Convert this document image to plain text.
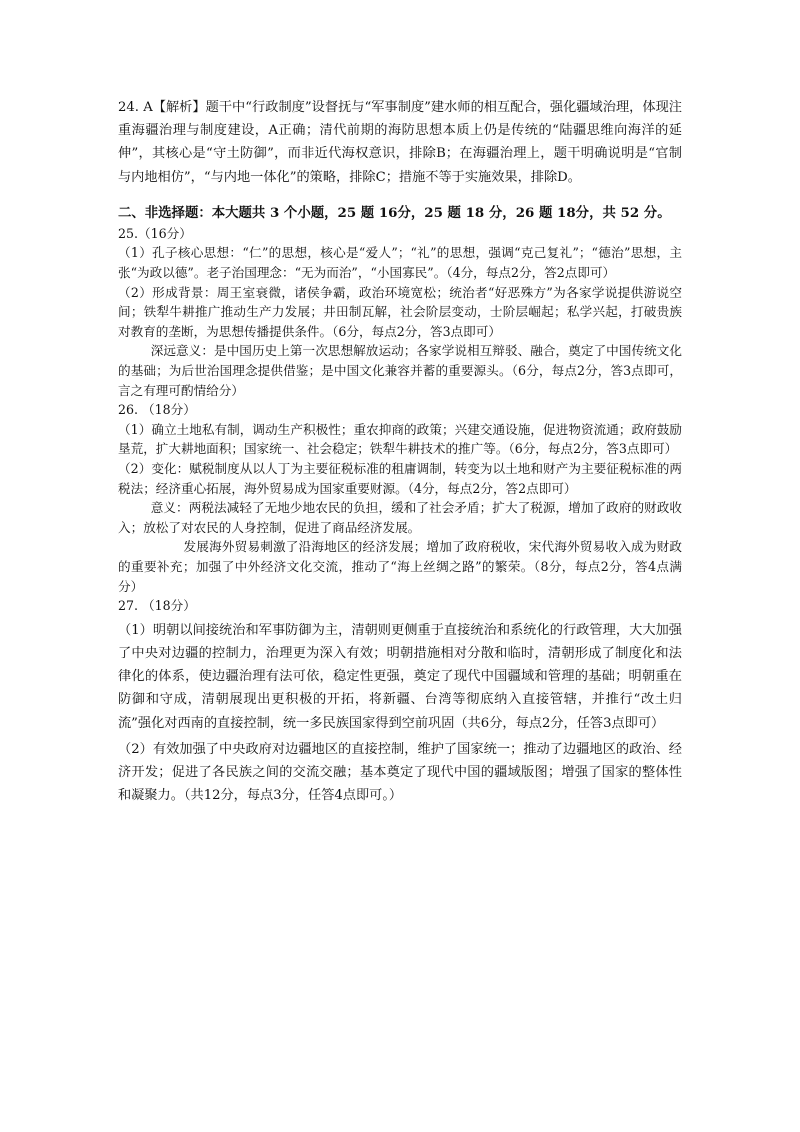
24. A【解析】题干中“行政制度”设督抚与“军事制度”建水师的相互配合，强化疆域治理，体现注重海疆治理与制度建设，A正确；清代前期的海防思想本质上仍是传统的“陆疆思维向海洋的延伸”，其核心是“守土防御”，而非近代海权意识，排除B；在海疆治理上，题干明确说明是“官制与内地相仿”，“与内地一体化”的策略，排除C；措施不等于实施效果，排除D。

二、非选择题：本大题共 3 个小题，25 题 16分，25 题 18 分，26 题 18分，共 52 分。

25.（16分）

（1）孔子核心思想：“仁”的思想，核心是“爱人”；“礼”的思想，强调“克己复礼”；“德治”思想，主张“为政以德”。老子治国理念：“无为而治”，“小国寡民”。（4分，每点2分，答2点即可）

（2）形成背景：周王室衰微，诸侯争霸，政治环境宽松；统治者“好恶殊方”为各家学说提供游说空间；铁犁牛耕推广推动生产力发展；井田制瓦解，社会阶层变动，士阶层崛起；私学兴起，打破贵族对教育的垄断，为思想传播提供条件。（6分，每点2分，答3点即可）

深远意义：是中国历史上第一次思想解放运动；各家学说相互辩驳、融合，奠定了中国传统文化的基础；为后世治国理念提供借鉴；是中国文化兼容并蓄的重要源头。（6分，每点2分，答3点即可，言之有理可酌情给分）

26. （18分）

（1）确立土地私有制，调动生产积极性；重农抑商的政策；兴建交通设施，促进物资流通；政府鼓励垦荒，扩大耕地面积；国家统一、社会稳定；铁犁牛耕技术的推广等。（6分，每点2分，答3点即可）

（2）变化：赋税制度从以人丁为主要征税标准的租庸调制，转变为以土地和财产为主要征税标准的两税法；经济重心拓展，海外贸易成为国家重要财源。（4分，每点2分，答2点即可）

意义：两税法减轻了无地少地农民的负担，缓和了社会矛盾；扩大了税源，增加了政府的财政收入；放松了对农民的人身控制，促进了商品经济发展。

发展海外贸易刺激了沿海地区的经济发展；增加了政府税收，宋代海外贸易收入成为财政的重要补充；加强了中外经济文化交流，推动了“海上丝绸之路”的繁荣。（8分，每点2分，答4点满分）

27. （18分）

（1）明朝以间接统治和军事防御为主，清朝则更侧重于直接统治和系统化的行政管理，大大加强了中央对边疆的控制力，治理更为深入有效；明朝措施相对分散和临时，清朝形成了制度化和法律化的体系，使边疆治理有法可依，稳定性更强，奠定了现代中国疆域和管理的基础；明朝重在防御和守成，清朝展现出更积极的开拓，将新疆、台湾等彻底纳入直接管辖，并推行“改土归流”强化对西南的直接控制，统一多民族国家得到空前巩固（共6分，每点2分，任答3点即可）

（2）有效加强了中央政府对边疆地区的直接控制，维护了国家统一；推动了边疆地区的政治、经济开发；促进了各民族之间的交流交融；基本奠定了现代中国的疆域版图；增强了国家的整体性和凝聚力。（共12分，每点3分，任答4点即可。）
